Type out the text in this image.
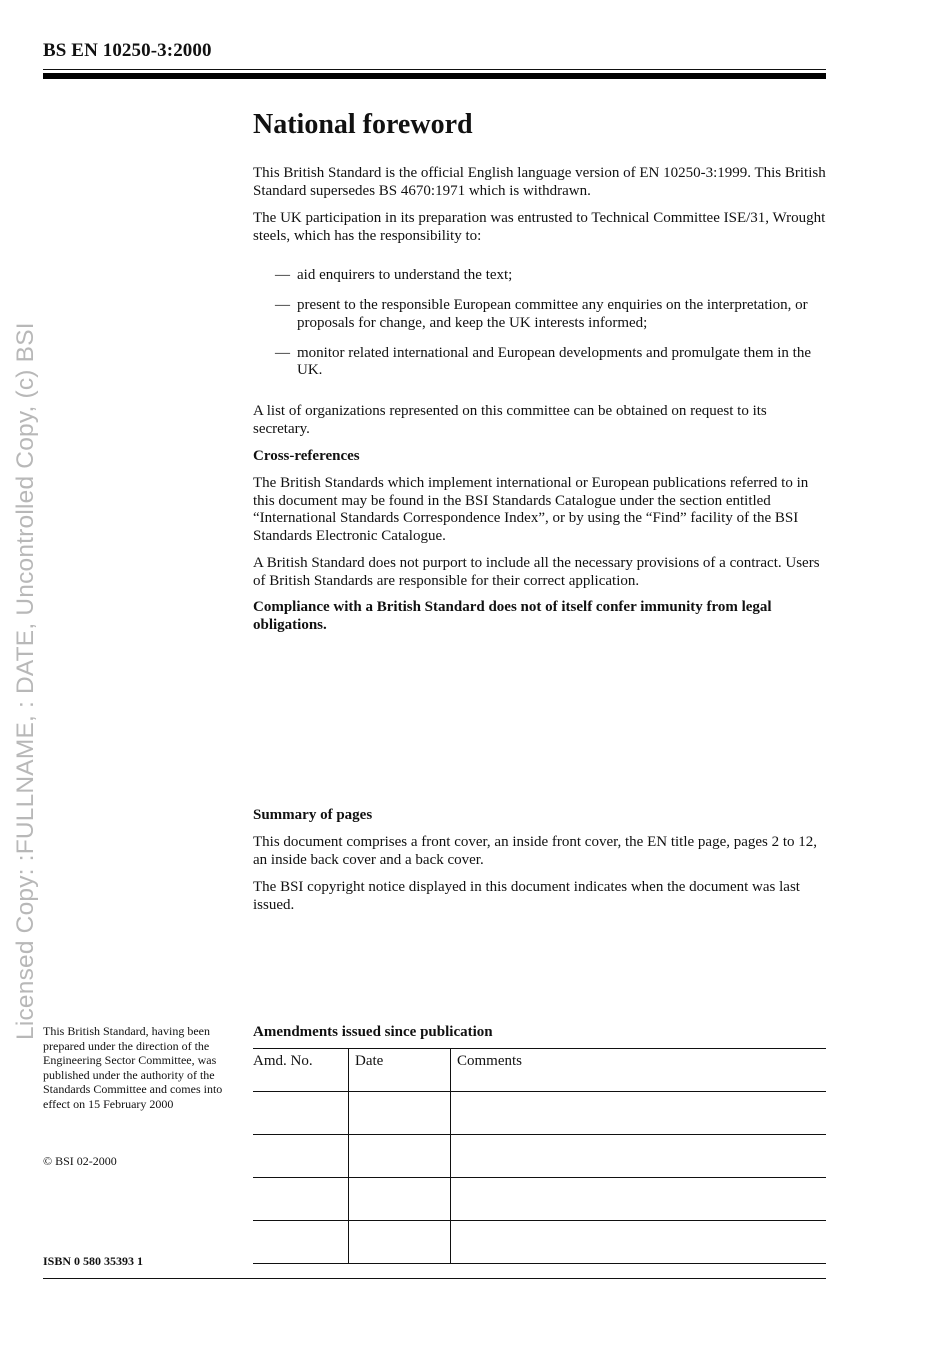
BS EN 10250-3:2000
National foreword

This British Standard is the official English language version of EN 10250-3:1999. This British Standard supersedes BS 4670:1971 which is withdrawn.

The UK participation in its preparation was entrusted to Technical Committee ISE/31, Wrought steels, which has the responsibility to:

— aid enquirers to understand the text;
— present to the responsible European committee any enquiries on the interpretation, or proposals for change, and keep the UK interests informed;
— monitor related international and European developments and promulgate them in the UK.

A list of organizations represented on this committee can be obtained on request to its secretary.

Cross-references

The British Standards which implement international or European publications referred to in this document may be found in the BSI Standards Catalogue under the section entitled “International Standards Correspondence Index”, or by using the “Find” facility of the BSI Standards Electronic Catalogue.

A British Standard does not purport to include all the necessary provisions of a contract. Users of British Standards are responsible for their correct application.

Compliance with a British Standard does not of itself confer immunity from legal obligations.

Summary of pages

This document comprises a front cover, an inside front cover, the EN title page, pages 2 to 12, an inside back cover and a back cover.

The BSI copyright notice displayed in this document indicates when the document was last issued.

This British Standard, having been prepared under the direction of the Engineering Sector Committee, was published under the authority of the Standards Committee and comes into effect on 15 February 2000
© BSI 02-2000
ISBN 0 580 35393 1
Amendments issued since publication
Amd. No.	Date	Comments

Licensed Copy: :FULLNAME, : DATE, Uncontrolled Copy, (c) BSI
